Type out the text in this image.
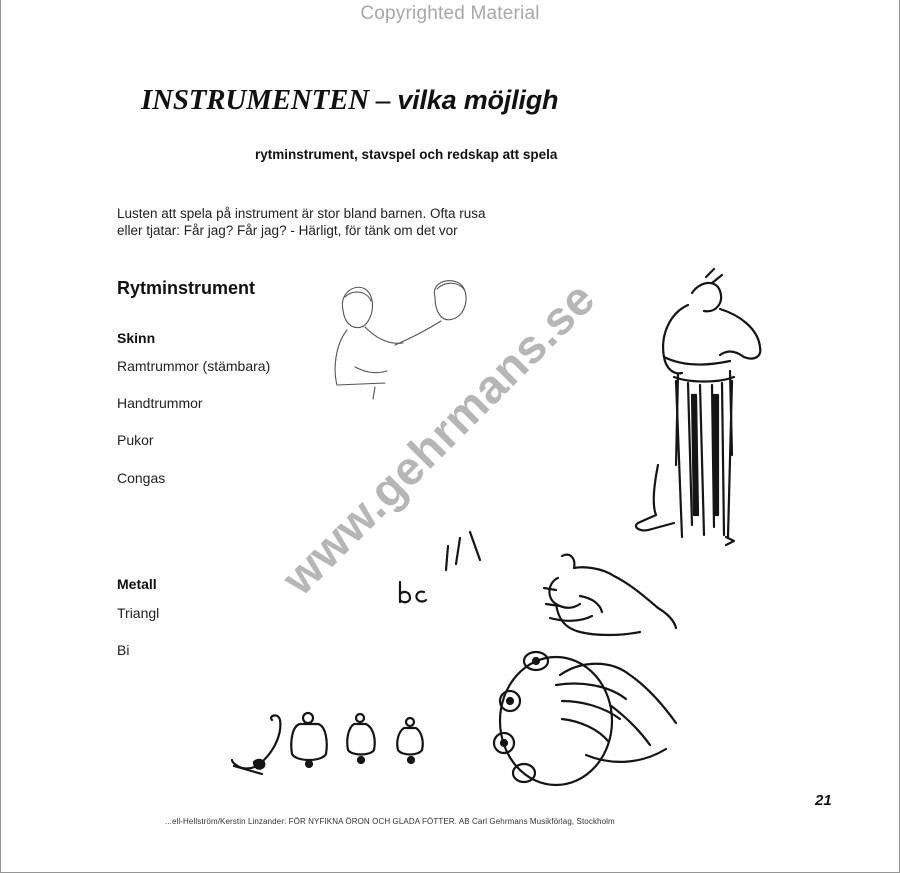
Copyrighted Material
INSTRUMENTEN – vilka möjligh

rytminstrument, stavspel och redskap att spela

Lusten att spela på instrument är stor bland barnen. Ofta rusa
eller tjatar: Får jag? Får jag? - Härligt, för tänk om det vor

Rytminstrument
Skinn

Ramtrummor (stämbara)

Handtrummor

Pukor

Congas

Metall

Triangl

Bi

www.gehrmans.se
21
...ell-Hellström/Kerstin Linzander: FÖR NYFIKNA ÖRON OCH GLADA FÖTTER. AB Carl Gehrmans Musikförlag, Stockholm
